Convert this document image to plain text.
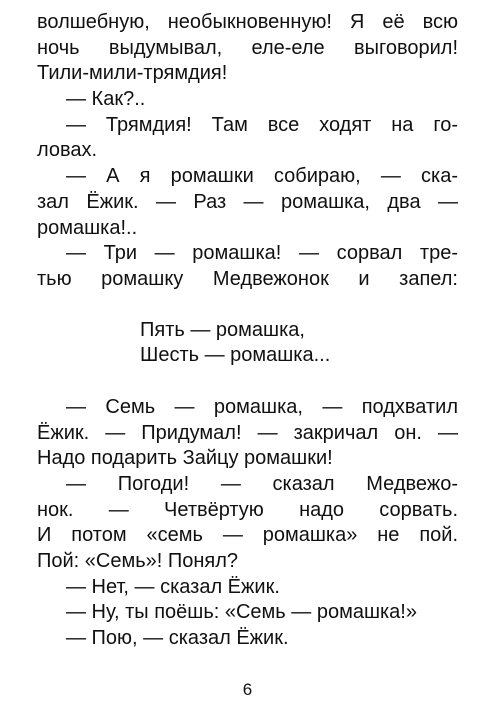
волшебную, необыкновенную! Я её всю
ночь выдумывал, еле-еле выговорил!
Тили-мили-трямдия!
— Как?..
— Трямдия! Там все ходят на го-
ловах.
— А я ромашки собираю, — ска-
зал Ёжик. — Раз — ромашка, два —
ромашка!..
— Три — ромашка! — сорвал тре-
тью ромашку Медвежонок и запел:
Пять — ромашка,
Шесть — ромашка...
— Семь — ромашка, — подхватил
Ёжик. — Придумал! — закричал он. —
Надо подарить Зайцу ромашки!
— Погоди! — сказал Медвежо-
нок. — Четвёртую надо сорвать.
И потом «семь — ромашка» не пой.
Пой: «Семь»! Понял?
— Нет, — сказал Ёжик.
— Ну, ты поёшь: «Семь — ромашка!»
— Пою, — сказал Ёжик.
6
